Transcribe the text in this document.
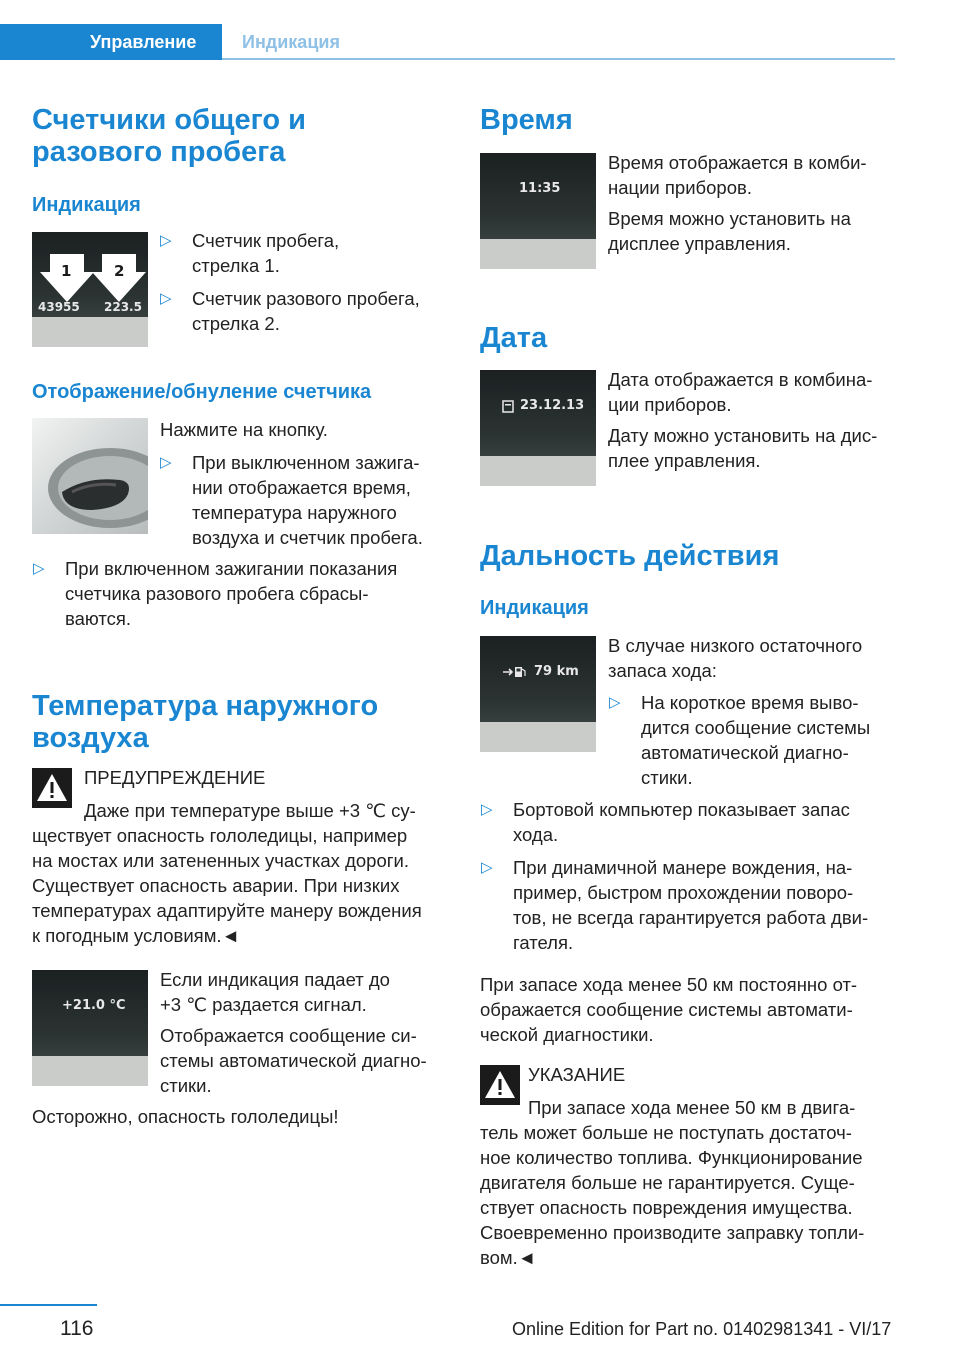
Управление	Индикация
Счетчики общего и
разового пробега
Индикация
1	2
43955 223.5
▷ Счетчик пробега,
стрелка 1.
▷ Счетчик разового пробега,
стрелка 2.
Отображение/обнуление счетчика

Нажмите на кнопку.

▷ При выключенном зажига-
нии отображается время,
температура наружного
воздуха и счетчик пробега.
▷ При включенном зажигании показания
счетчика разового пробега сбрасы-
ваются.
Температура наружного
воздуха

ПРЕДУПРЕЖДЕНИЕ

Даже при температуре выше +3 ℃ су-

ществует опасность гололедицы, например

на мостах или затененных участках дороги.

Существует опасность аварии. При низких

температурах адаптируйте манеру вождения

к погодным условиям.◄

+21.0 °C

Если индикация падает до
+3 ℃ раздается сигнал.

Отображается сообщение си-
стемы автоматической диагно-
стики.

Осторожно, опасность гололедицы!

Время
11:35

Время отображается в комби-
нации приборов.

Время можно установить на
дисплее управления.

Дата
23.12.13

Дата отображается в комбина-
ции приборов.

Дату можно установить на дис-
плее управления.

Дальность действия
Индикация
79 km

В случае низкого остаточного
запаса хода:

▷ На короткое время выво-
дится сообщение системы
автоматической диагно-
стики.
▷ Бортовой компьютер показывает запас
хода.
▷ При динамичной манере вождения, на-
пример, быстром прохождении поворо-
тов, не всегда гарантируется работа дви-
гателя.

При запасе хода менее 50 км постоянно от-
ображается сообщение системы автомати-
ческой диагностики.

УКАЗАНИЕ

При запасе хода менее 50 км в двига-

тель может больше не поступать достаточ-

ное количество топлива. Функционирование

двигателя больше не гарантируется. Суще-

ствует опасность повреждения имущества.

Своевременно производите заправку топли-

вом.◄

116	Online Edition for Part no. 01402981341 - VI/17
